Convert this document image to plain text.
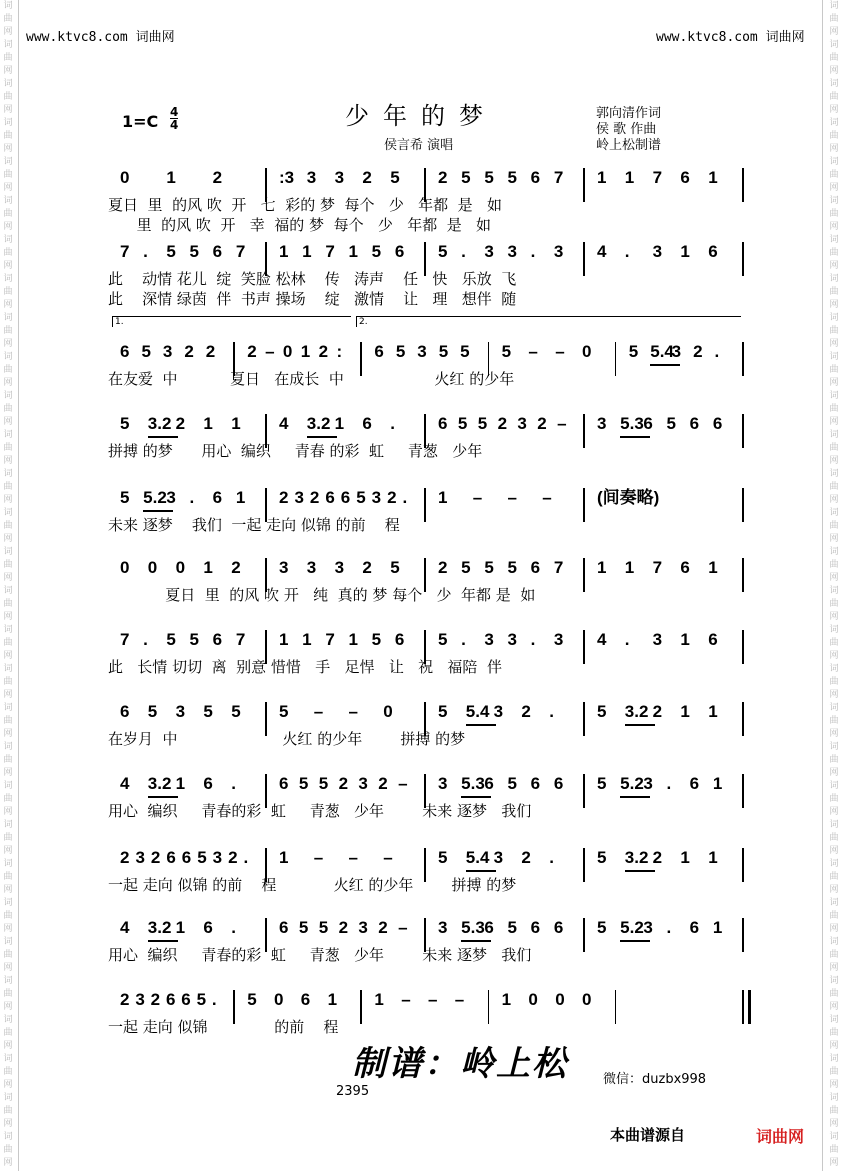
词曲网词曲网词曲网词曲网词曲网词曲网词曲网词曲网词曲网词曲网词曲网词曲网词曲网词曲网词曲网词曲网词曲网词曲网词曲网词曲网词曲网词曲网词曲网词曲网词曲网词曲网词曲网词曲网词曲网词曲网
词曲网词曲网词曲网词曲网词曲网词曲网词曲网词曲网词曲网词曲网词曲网词曲网词曲网词曲网词曲网词曲网词曲网词曲网词曲网词曲网词曲网词曲网词曲网词曲网词曲网词曲网词曲网词曲网词曲网词曲网
www.ktvc8.com 词曲网	www.ktvc8.com 词曲网
1=C 4
4	少年的梦
侯言希 演唱
郭向清作词
侯 歌 作曲
岭上松制谱
0 1 2	:3 3 3 2 5 2 5 5 5 6 7 1 1 7 6 1
夏日  里  的风 吹  开   七  彩的 梦  每个   少   年都  是   如
里  的风 吹  开   幸  福的 梦  每个   少   年都  是   如
7 . 5 5 6 7 1 1 7 1 5 6 5 . 3 3 . 3 4 . 3 1 6
此    动情 花儿  绽  笑脸 松林    传   涛声    任   快   乐放  飞
此    深情 绿茵  伴  书声 操场    绽   激情    让   理   想伴  随
6 5 3 2 2 2 – 0 1 2 : 6 5 3 5 5 5 – – 0 5 5.4
3 2 .
在友爱  中           夏日   在成长  中                   火红 的少年
5 3.2 2 1 1 4 3.2 1 6 .	6 5 5 2 3 2 – 3 5.3 6 5 6 6
拼搏 的梦      用心  编织     青春 的彩  虹     青葱   少年
5 5.2 3 . 6 1 2 3 2 6 6 5 3 2 . 1 – – –	(间奏略)
未来 逐梦    我们  一起 走向 似锦 的前    程
0 0 0 1 2 3 3 3 2 5 2 5 5 5 6 7 1 1 7 6 1
夏日  里  的风 吹 开   纯  真的 梦 每个   少  年都 是  如
7 . 5 5 6 7 1 1 7 1 5 6 5 . 3 3 . 3 4 . 3 1 6
此   长情 切切  离  别意 惜惜   手   足悍   让   祝   福陪  伴
6 5 3 5 5 5 – – 0	5 5.4 3 2 .	5 3.2 2 1 1
在岁月  中                      火红 的少年        拼搏 的梦
4 3.2 1 6 .	6 5 5 2 3 2 – 3 5.3 6 5 6 6 5 5.2 3 . 6 1
用心  编织     青春的彩  虹     青葱   少年        未来 逐梦   我们
2 3 2 6 6 5 3 2 . 1 – – –	5 5.4 3 2 .	5 3.2 2 1 1
一起 走向 似锦 的前    程            火红 的少年        拼搏 的梦
4 3.2 1 6 .	6 5 5 2 3 2 – 3 5.3 6 5 6 6 5 5.2 3 . 6 1
用心  编织     青春的彩  虹     青葱   少年        未来 逐梦   我们
2 3 2 6 6 5 . 5 0 6 1 1 – – – 1 0 0 0
一起 走向 似锦              的前    程
1.	2.
制谱：岭上松	微信：duzbx998
2395
本曲谱源自	词曲网
